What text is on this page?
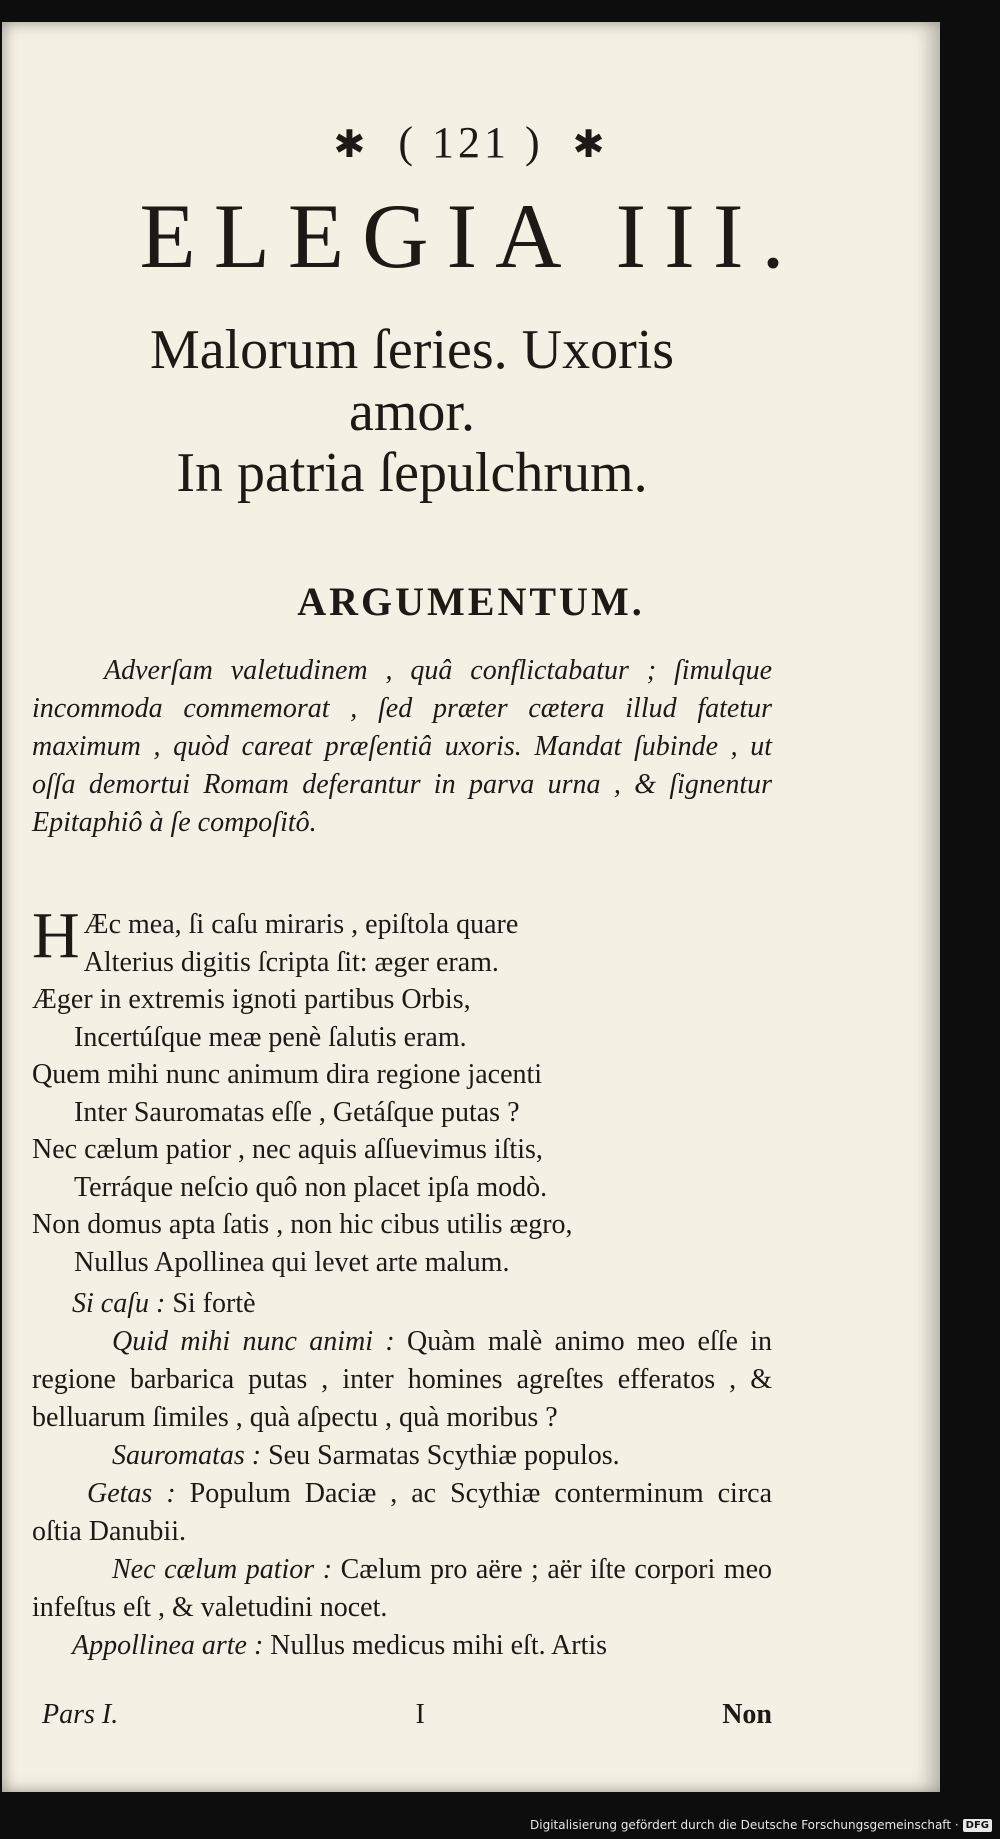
✱ ( 121 ) ✱
ELEGIA III.
Malorum ſeries. Uxoris
amor.
In patria ſepulchrum.
ARGUMENTUM.
Adverſam valetudinem , quâ conflictabatur ; ſimulque incommoda commemorat , ſed præter cætera illud fatetur maximum , quòd careat præſentiâ uxoris. Mandat ſubinde , ut oſſa demortui Romam deferantur in parva urna , & ſignentur Epitaphiô à ſe compoſitô.
H Æc mea, ſi caſu miraris , epiſtola quare
Alterius digitis ſcripta ſit: æger eram.
Æger in extremis ignoti partibus Orbis,
Incertúſque meæ penè ſalutis eram.
Quem mihi nunc animum dira regione jacenti
Inter Sauromatas eſſe , Getáſque putas ?
Nec cælum patior , nec aquis aſſuevimus iſtis,
Terráque neſcio quô non placet ipſa modò.
Non domus apta ſatis , non hic cibus utilis ægro,
Nullus Apollinea qui levet arte malum.
Si caſu : Si fortè
Quid mihi nunc animi : Quàm malè animo meo eſſe in regione barbarica putas , inter homines agreſtes efferatos , & belluarum ſimiles , quà aſpectu , quà moribus ?
Sauromatas : Seu Sarmatas Scythiæ populos.
Getas : Populum Daciæ , ac Scythiæ conterminum circa oſtia Danubii.
Nec cælum patior : Cælum pro aëre ; aër iſte corpori meo infeſtus eſt , & valetudini nocet.
Appollinea arte : Nullus medicus mihi eſt. Artis
Pars I.	I	Non
Digitalisierung gefördert durch die Deutsche Forschungsgemeinschaft · DFG
